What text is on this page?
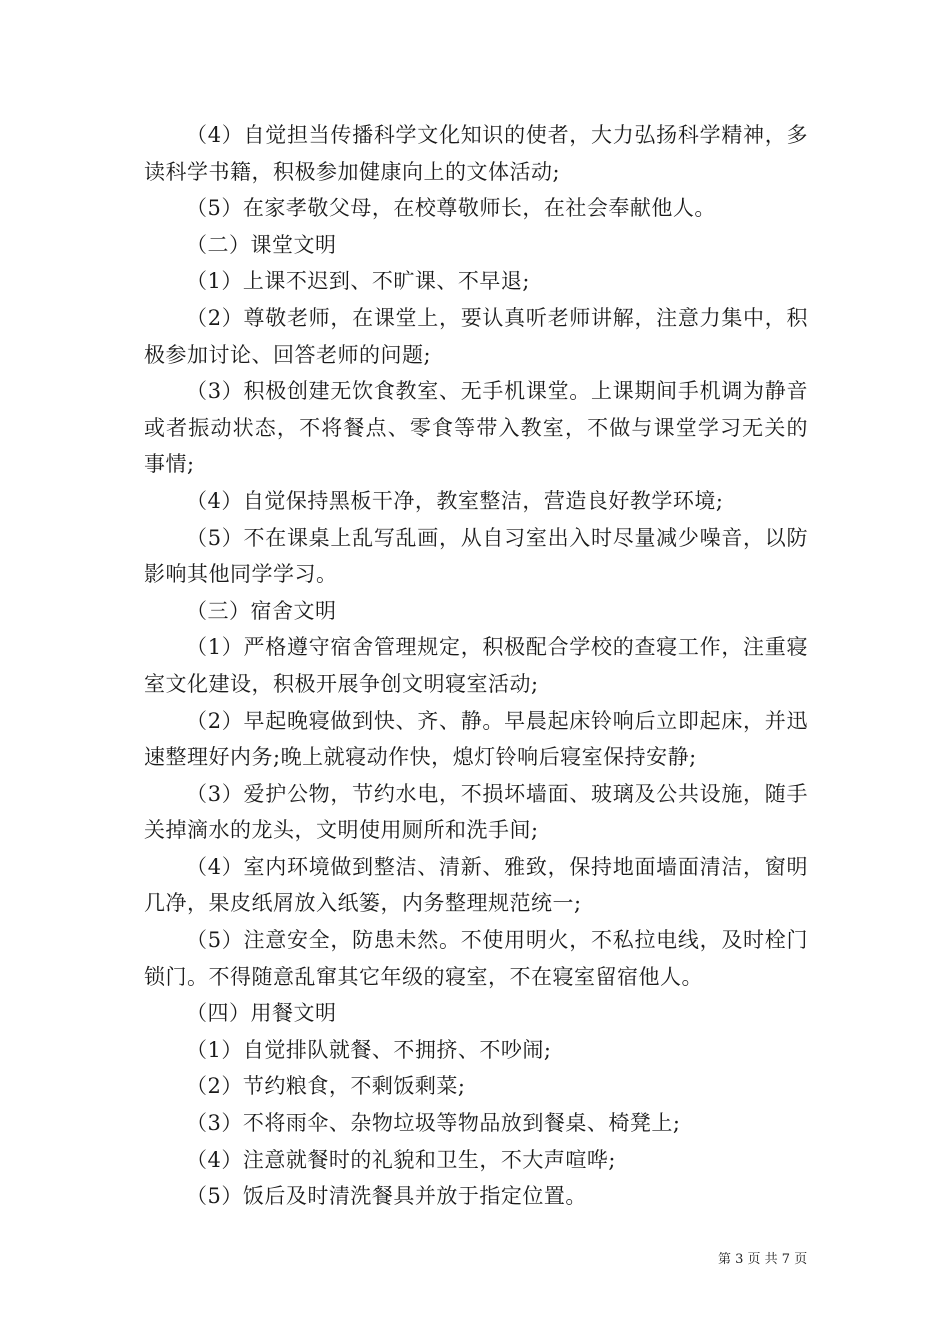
（4）自觉担当传播科学文化知识的使者，大力弘扬科学精神，多读科学书籍，积极参加健康向上的文体活动;

（5）在家孝敬父母，在校尊敬师长，在社会奉献他人。

（二）课堂文明

（1）上课不迟到、不旷课、不早退;

（2）尊敬老师，在课堂上，要认真听老师讲解，注意力集中，积极参加讨论、回答老师的问题;

（3）积极创建无饮食教室、无手机课堂。上课期间手机调为静音或者振动状态，不将餐点、零食等带入教室，不做与课堂学习无关的事情;

（4）自觉保持黑板干净，教室整洁，营造良好教学环境;

（5）不在课桌上乱写乱画，从自习室出入时尽量减少噪音，以防影响其他同学学习。

（三）宿舍文明

（1）严格遵守宿舍管理规定，积极配合学校的查寝工作，注重寝室文化建设，积极开展争创文明寝室活动;

（2）早起晚寝做到快、齐、静。早晨起床铃响后立即起床，并迅速整理好内务;晚上就寝动作快，熄灯铃响后寝室保持安静;

（3）爱护公物，节约水电，不损坏墙面、玻璃及公共设施，随手关掉滴水的龙头，文明使用厕所和洗手间;

（4）室内环境做到整洁、清新、雅致，保持地面墙面清洁，窗明几净，果皮纸屑放入纸篓，内务整理规范统一;

（5）注意安全，防患未然。不使用明火，不私拉电线，及时栓门锁门。不得随意乱窜其它年级的寝室，不在寝室留宿他人。

（四）用餐文明

（1）自觉排队就餐、不拥挤、不吵闹;

（2）节约粮食，不剩饭剩菜;

（3）不将雨伞、杂物垃圾等物品放到餐桌、椅凳上;

（4）注意就餐时的礼貌和卫生，不大声喧哗;

（5）饭后及时清洗餐具并放于指定位置。

第 3 页 共 7 页
